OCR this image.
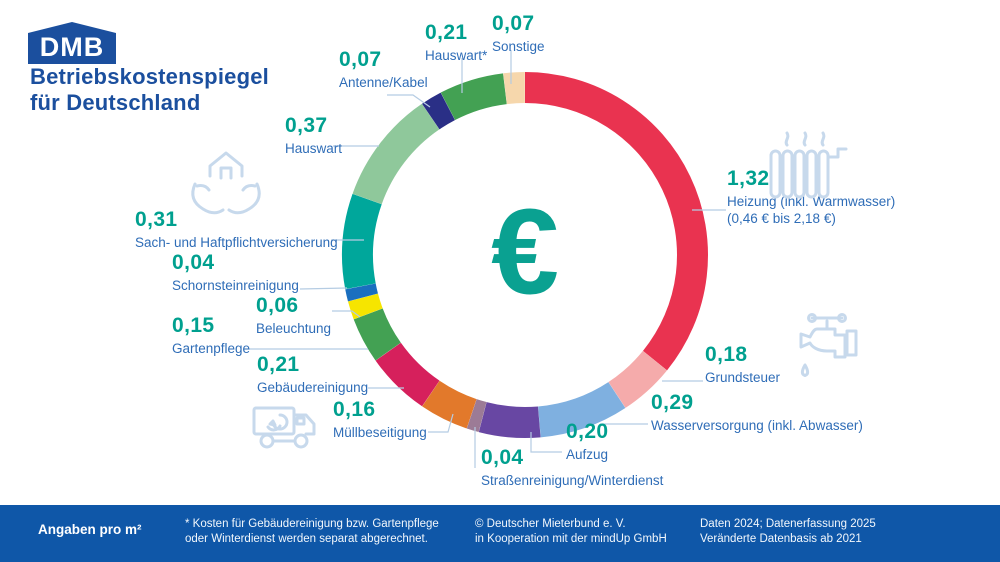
DMB
Betriebskostenspiegel
für Deutschland
€
1,32
Heizung (inkl. Warmwasser)
(0,46 € bis 2,18 €)
0,18
Grundsteuer
0,29
Wasserversorgung (inkl. Abwasser)
0,20
Aufzug
0,04
Straßenreinigung/Winterdienst
0,16
Müllbeseitigung
0,21
Gebäudereinigung
0,15
Gartenpflege
0,06
Beleuchtung
0,04
Schornsteinreinigung
0,31
Sach- und Haftpflichtversicherung
0,37
Hauswart
0,07
Antenne/Kabel
0,21
Hauswart*
0,07
Sonstige
Angaben pro m²	* Kosten für Gebäudereinigung bzw. Gartenpflege
oder Winterdienst werden separat abgerechnet.
© Deutscher Mieterbund e. V.
in Kooperation mit der mindUp GmbH
Daten 2024; Datenerfassung 2025
Veränderte Datenbasis ab 2021
